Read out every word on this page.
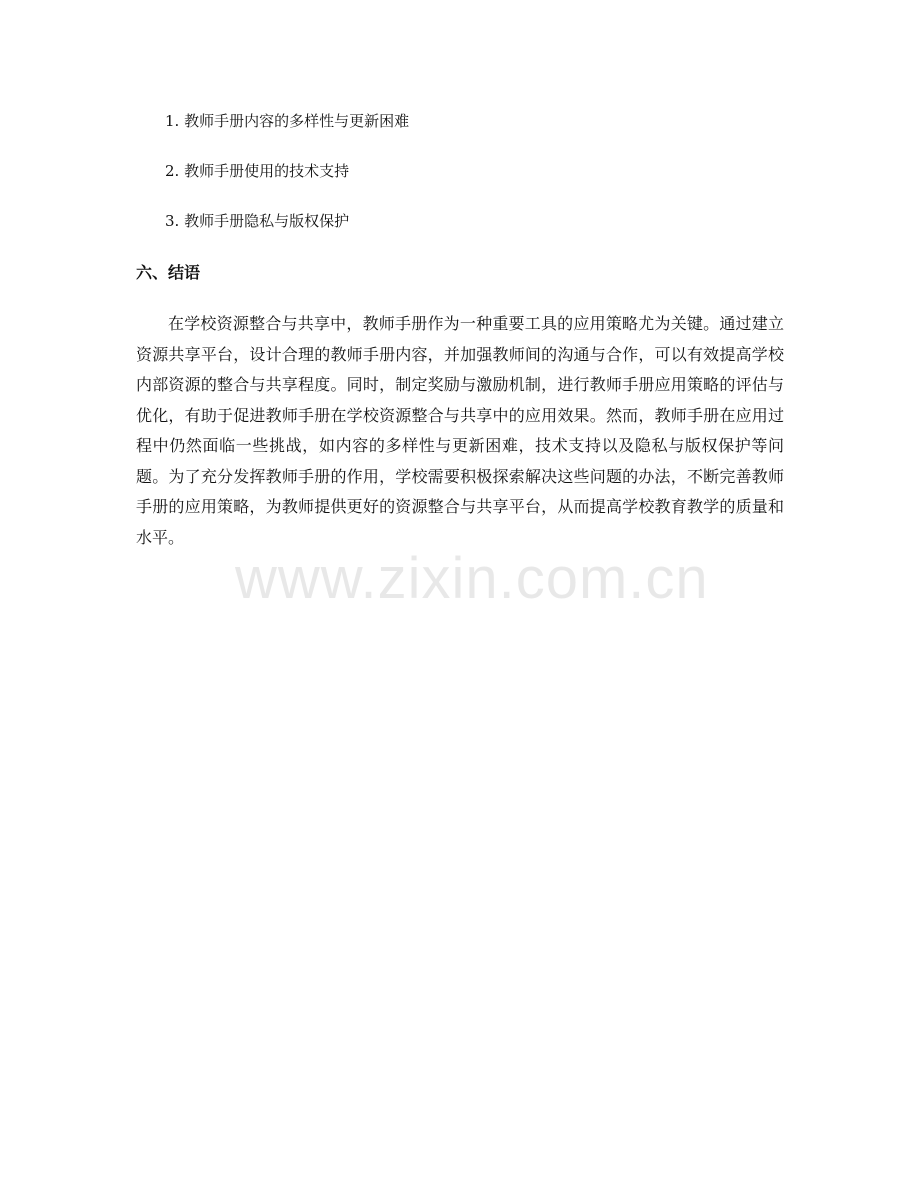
1. 教师手册内容的多样性与更新困难
2. 教师手册使用的技术支持
3. 教师手册隐私与版权保护
六、结语

在学校资源整合与共享中，教师手册作为一种重要工具的应用策略尤为关键。通过建立资源共享平台，设计合理的教师手册内容，并加强教师间的沟通与合作，可以有效提高学校内部资源的整合与共享程度。同时，制定奖励与激励机制，进行教师手册应用策略的评估与优化，有助于促进教师手册在学校资源整合与共享中的应用效果。然而，教师手册在应用过程中仍然面临一些挑战，如内容的多样性与更新困难，技术支持以及隐私与版权保护等问题。为了充分发挥教师手册的作用，学校需要积极探索解决这些问题的办法，不断完善教师手册的应用策略，为教师提供更好的资源整合与共享平台，从而提高学校教育教学的质量和水平。

www.zixin.com.cn
